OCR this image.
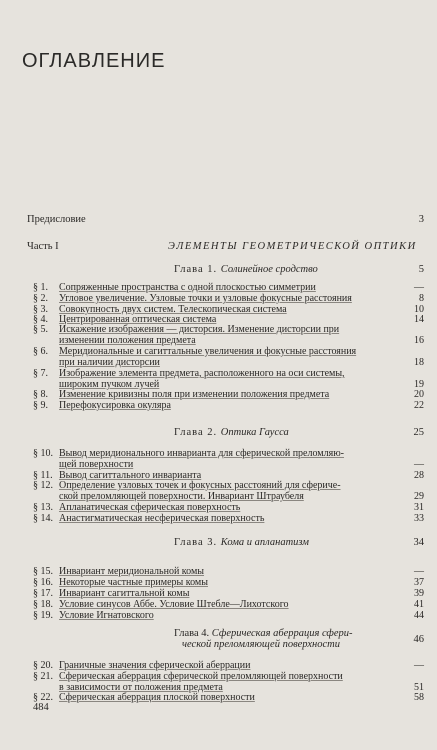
ОГЛАВЛЕНИЕ
Предисловие	3
Часть I	ЭЛЕМЕНТЫ ГЕОМЕТРИЧЕСКОЙ ОПТИКИ
Глава 1. Солинейное сродство	5
§ 1.	Сопряженные пространства с одной плоскостью симметрии	—
§ 2.	Угловое увеличение. Узловые точки и узловые фокусные расстояния	8
§ 3.	Совокупность двух систем. Телескопическая система	10
§ 4.	Центрированная оптическая система	14
§ 5.	Искажение изображения — дисторсия. Изменение дисторсии при
изменении положения предмета	16
§ 6.	Меридиональные и сагиттальные увеличения и фокусные расстояния
при наличии дисторсии	18
§ 7.	Изображение элемента предмета, расположенного на оси системы,
широким пучком лучей	19
§ 8.	Изменение кривизны поля при изменении положения предмета	20
§ 9.	Перефокусировка окуляра	22
Глава 2. Оптика Гаусса	25
§ 10. Вывод меридионального инварианта для сферической преломляю-
щей поверхности	—
§ 11. Вывод сагиттального инварианта	28
§ 12. Определение узловых точек и фокусных расстояний для сфериче-
ской преломляющей поверхности. Инвариант Штраубеля	29
§ 13. Апланатическая сферическая поверхность	31
§ 14. Анастигматическая несферическая поверхность	33
Глава 3. Кома и апланатизм	34
§ 15. Инвариант меридиональной комы	—
§ 16. Некоторые частные примеры комы	37
§ 17. Инвариант сагиттальной комы	39
§ 18. Условие синусов Аббе. Условие Штебле—Лихотского	41
§ 19. Условие Игнатовского	44
Глава 4. Сферическая аберрация сфери-
ческой преломляющей поверхности	46
§ 20. Граничные значения сферической аберрации	—
§ 21. Сферическая аберрация сферической преломляющей поверхности
в зависимости от положения предмета	51
§ 22. Сферическая аберрация плоской поверхности	58
484
